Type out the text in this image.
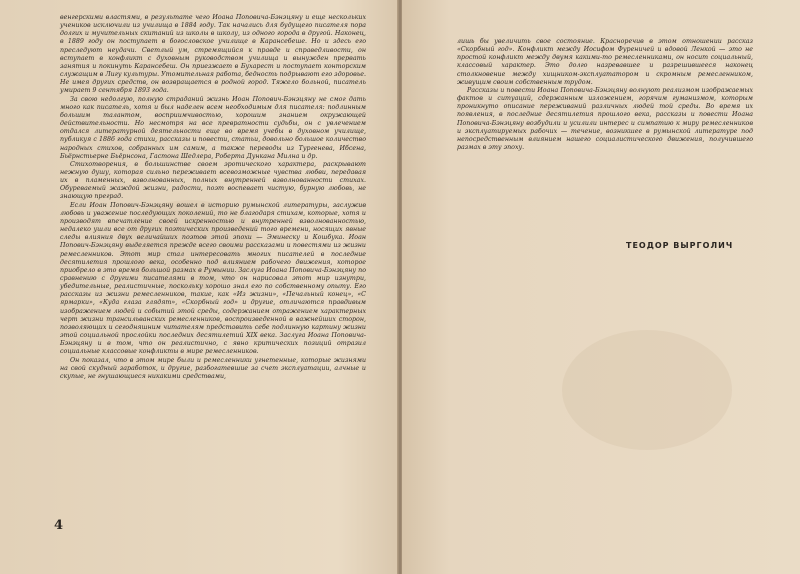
венгерскими властями, в результате чего Иоана Поповича-Бэнэцяну и еще нескольких учеников исключили из училища в 1884 году. Так начались для будущего писателя пора долгих и мучительных скитаний из школы в школу, из одного города в другой. Наконец, в 1889 году он поступает в богословское училище в Карансебеше. Но и здесь его преследуют неудачи. Светлый ум, стремящийся к правде и справедливости, он вступает в конфликт с духовным руководством училища и вынужден прервать занятия и покинуть Карансебеш. Он приезжает в Бухарест и поступает конторским служащим в Лигу культуры. Утомительная работа, бедность подрывают его здоровье. Не имея других средств, он возвращается в родной город. Тяжело больной, писатель умирает 9 сентября 1893 года.

За свою недолгую, полную страданий жизнь Иоан Попович-Бэнэцяну не смог дать много как писатель, хотя и был наделен всем необходимым для писателя: подлинным большим талантом, восприимчивостью, хорошим знанием окружающей действительности. Но несмотря на все превратности судьбы, он с увлечением отдался литературной деятельности еще во время учебы в духовном училище, публикуя с 1886 года стихи, рассказы и повести, статьи, довольно большое количество народных стихов, собранных им самим, а также переводы из Тургенева, Ибсена, Бьёрнстьерне Бьёрнсона, Гастона Шедлера, Роберта Дункана Милна и др.

Стихотворения, в большинстве своем эротического характера, раскрывают нежную душу, которая сильно переживает всевозможные чувства любви, передавая их в пламенных, взволнованных, полных внутренней взволнованности стихах. Обуреваемый жаждой жизни, радости, поэт воспевает чистую, бурную любовь, не знающую преград.

Если Иоан Попович-Бэнэцяну вошел в историю румынской литературы, заслужив любовь и уважение последующих поколений, то не благодаря стихам, которые, хотя и производят впечатление своей искренностью и внутренней взволнованностью, недалеко ушли все от других поэтических произведений того времени, носящих явные следы влияния двух величайших поэтов этой эпохи — Эминеску и Кошбука. Иоан Попович-Бэнэцяну выделяется прежде всего своими рассказами и повестями из жизни ремесленников. Этот мир стал интересовать многих писателей в последние десятилетия прошлого века, особенно под влиянием рабочего движения, которое приобрело в это время большой размах в Румынии. Заслуга Иоана Поповича-Бэнэцяну по сравнению с другими писателями в том, что он нарисовал этот мир изнутри, убедительные, реалистичные, поскольку хорошо знал его по собственному опыту. Его рассказы из жизни ремесленников, такие, как «Из жизни», «Печальный конец», «С ярмарки», «Куда глаза глядят», «Скорбный год» и другие, отличаются правдивым изображением людей и событий этой среды, содержанием отражением характерных черт жизни трансильванских ремесленников, воспроизведенной в важнейших сторон, позволяющих и сегодняшним читателям представить себе подлинную картину жизни этой социальной прослойки последних десятилетий XIX века. Заслуга Иоана Поповича-Бэнэцяну и в том, что он реалистично, с явно критических позиций отразил социальные классовые конфликты в мире ремесленников.

Он показал, что в этом мире были и ремесленники угнетенные, которые жизнями на свой скудный заработок, и другие, разбогатевшие за счет эксплуатации, алчные и скупые, не гнушающиеся никакими средствами,

4

лишь бы увеличить свое состояние. Красноречив в этом отношении рассказ «Скорбный год». Конфликт между Иосифом Фуреничей и вдовой Ленкой — это не простой конфликт между двумя какими-то ремесленниками, он носит социальный, классовый характер. Это долго назревавшее и разрешившееся наконец столкновение между хищником-эксплуататором и скромным ремесленником, живущим своим собственным трудом.

Рассказы и повести Иоана Поповича-Бэнэцяну волнуют реализмом изображаемых фактов и ситуаций, сдержанным изложением, горячим гуманизмом, которым проникнуто описание переживаний различных людей той среды. Во время их появления, в последние десятилетия прошлого века, рассказы и повести Иоана Поповича-Бэнэцяну возбудили и усилили интерес и симпатию к миру ремесленников и эксплуатируемых рабочих — течение, возникшее в румынской литературе под непосредственным влиянием нашего социалистического движения, получившего размах в эту эпоху.

ТЕОДОР ВЫРГОЛИЧ
